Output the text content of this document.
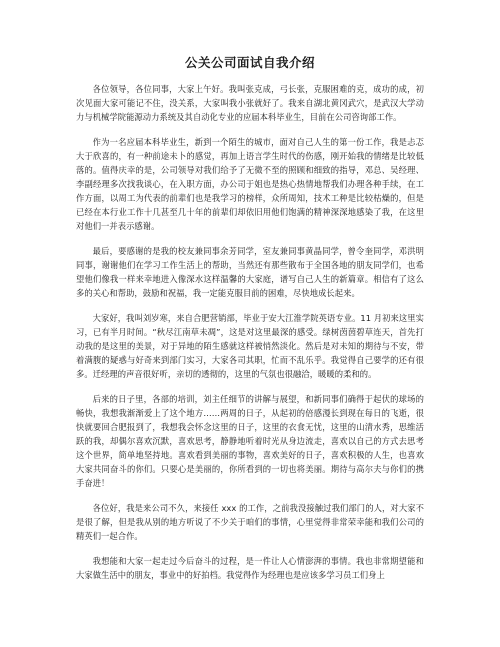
公关公司面试自我介绍

各位领导，各位同事，大家上午好。我叫张克成，弓长张，克服困难的克，成功的成，初次见面大家可能记不住，没关系，大家叫我小张就好了。我来自湖北黄冈武穴，是武汉大学动力与机械学院能源动力系统及其自动化专业的应届本科毕业生，目前在公司咨询部工作。

作为一名应届本科毕业生，新到一个陌生的城市，面对自己人生的第一份工作，我是忐忑大于欣喜的，有一种前途未卜的感觉，再加上语言学生时代的伤感，刚开始我的情绪是比较低落的。值得庆幸的是，公司领导对我们给予了无微不至的照顾和细致的指导，邓总、吴经理、李副经理多次找我谈心，在入职方面，办公司于姐也是热心热情地帮我们办理各种手续，在工作方面，以周工为代表的前辈们也是我学习的榜样，众所周知，技术工种是比较枯燥的，但是已经在本行业工作十几甚至几十年的前辈们却依旧用他们饱满的精神深深地感染了我，在这里对他们一并表示感谢。

最后，要感谢的是我的校友兼同事余芳同学，室友兼同事黄晶同学，曾令奎同学，邓洪明同事，谢谢他们在学习工作生活上的帮助，当然还有那些散布于全国各地的朋友同学们，也希望他们像我一样来幸地进入像深水这样温馨的大家庭，谱写自己人生的新篇章。相信有了这么多的关心和帮助，鼓励和祝福，我一定能克服目前的困难，尽快地成长起来。

大家好，我叫刘岁寒，来自合肥营销部，毕业于安大江淮学院英语专业。11 月初来这里实习，已有半月时间。“秋尽江南草未凋”，这是对这里最深的感受。绿树茵茵碧草连天，首先打动我的是这里的美景，对于异地的陌生感就这样被悄然淡化。然后是对未知的期待与不安，带着满腹的疑惑与好奇来到部门实习，大家各司其职，忙而不乱乐乎。我觉得自己要学的还有很多。迁经理的声音很好听，亲切的透彻的，这里的气氛也很融洽，暖暖的柔和的。

后来的日子里，各部的培训，刘主任细节的讲解与展望，和新同事们确得于起伏的球场的畅快，我想我渐渐爱上了这个地方……两周的日子，从起初的倍感漫长到现在每日的飞逝，很快就要回合肥报到了，我想我会怀念这里的日子，这里的衣食无忧，这里的山清水秀，思维活跃的我，却偶尔喜欢沉默，喜欢思考，静静地听着时光从身边流走，喜欢以自己的方式去思考这个世界，简单地坚持地。喜欢看到美丽的事物，喜欢美好的日子，喜欢积极的人生，也喜欢大家共同奋斗的你们。只要心是美丽的，你所看到的一切也将美丽。期待与高尔夫与你们的携手奋进！

各位好，我是来公司不久，来接任 xxx 的工作，之前我没接触过我们部门的人，对大家不是很了解，但是我从别的地方听说了不少关于咱们的事情，心里觉得非常荣幸能和我们公司的精英们一起合作。

我想能和大家一起走过今后奋斗的过程，是一件让人心情澎湃的事情。我也非常期望能和大家做生活中的朋友，事业中的好拍档。我觉得作为经理也是应该多学习员工们身上
